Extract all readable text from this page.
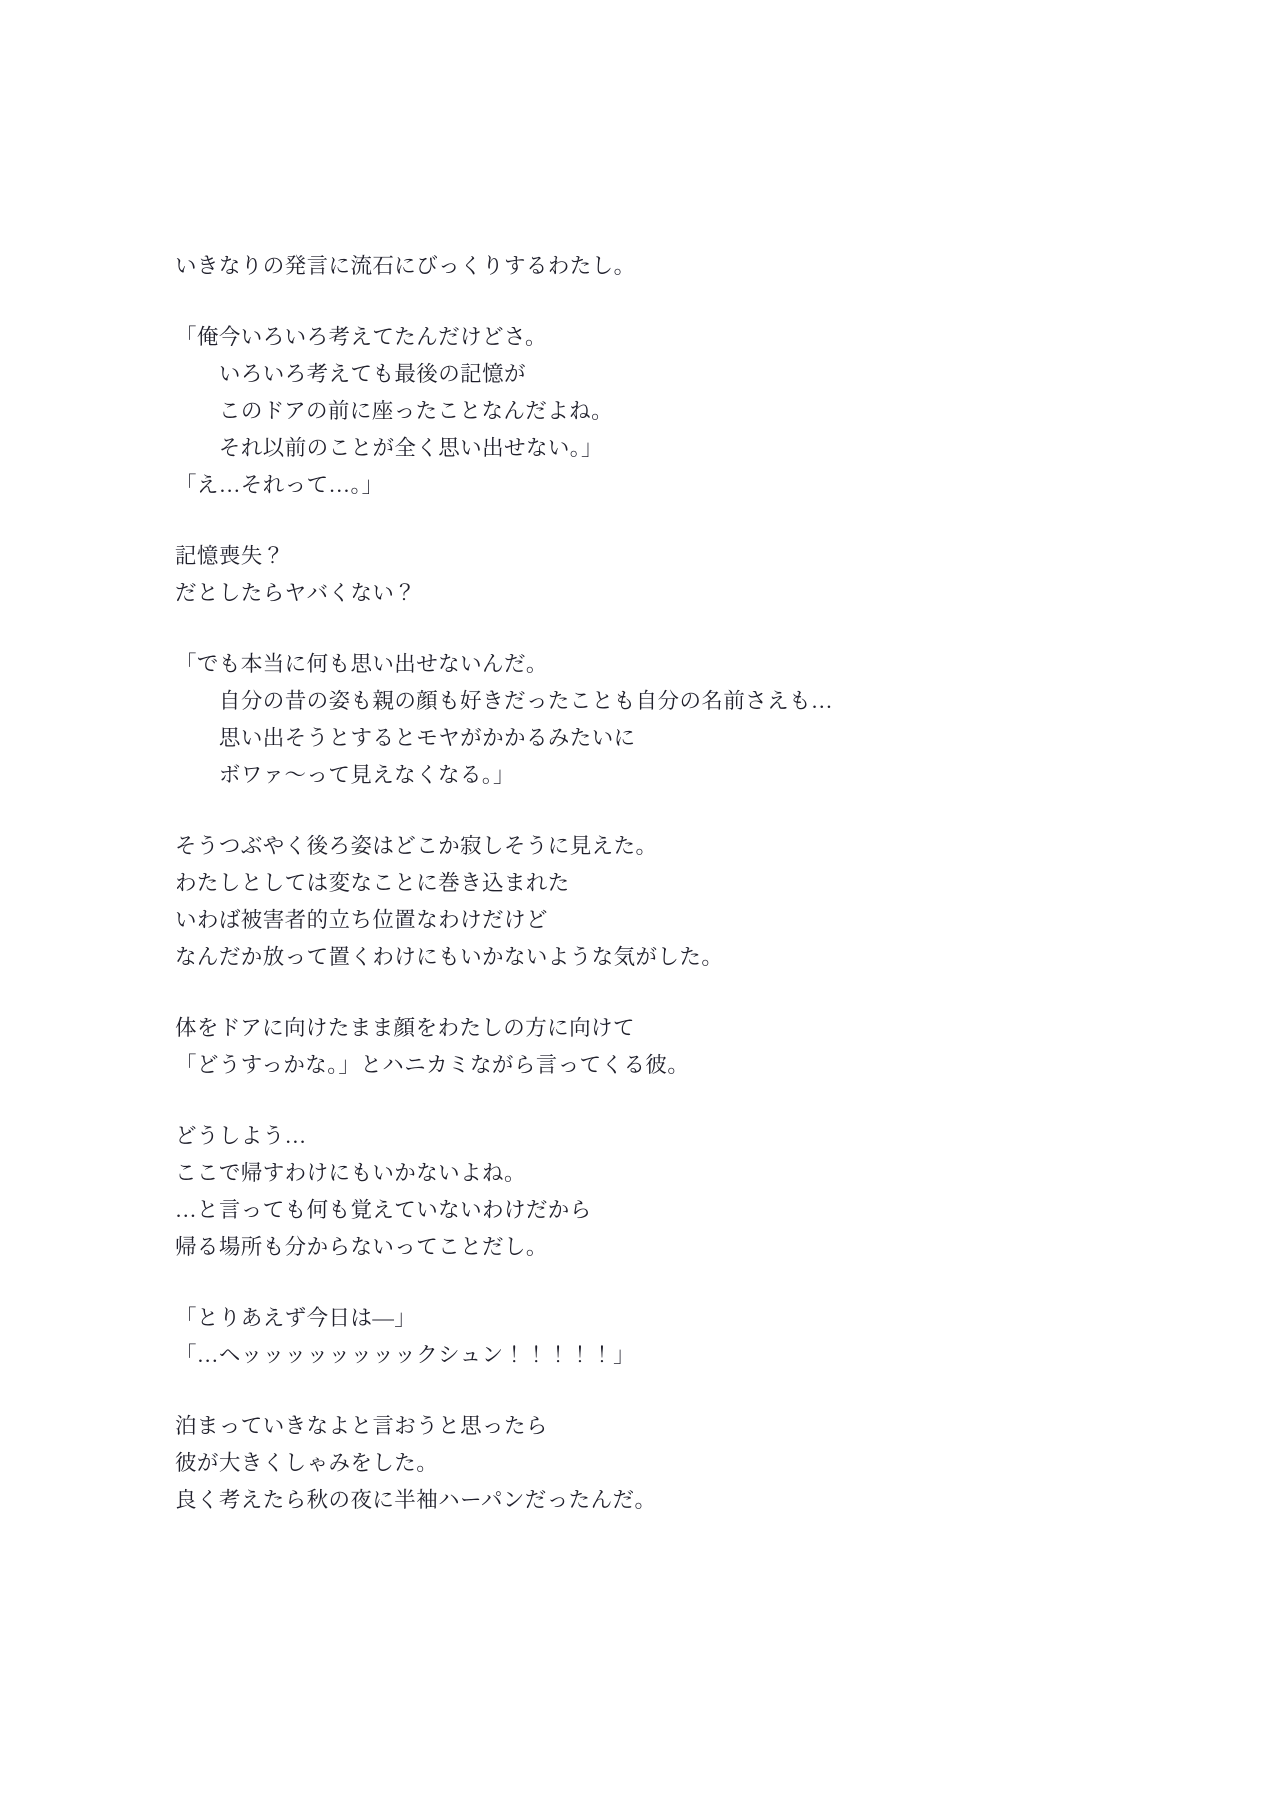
いきなりの発言に流石にびっくりするわたし。

「俺今いろいろ考えてたんだけどさ。
　いろいろ考えても最後の記憶が
　このドアの前に座ったことなんだよね。
　それ以前のことが全く思い出せない。」
「え…それって…。」

記憶喪失？
だとしたらヤバくない？

「でも本当に何も思い出せないんだ。
　自分の昔の姿も親の顔も好きだったことも自分の名前さえも…
　思い出そうとするとモヤがかかるみたいに
　ボワァ〜って見えなくなる。」

そうつぶやく後ろ姿はどこか寂しそうに見えた。
わたしとしては変なことに巻き込まれた
いわば被害者的立ち位置なわけだけど
なんだか放って置くわけにもいかないような気がした。

体をドアに向けたまま顔をわたしの方に向けて
「どうすっかな。」とハニカミながら言ってくる彼。

どうしよう…
ここで帰すわけにもいかないよね。
…と言っても何も覚えていないわけだから
帰る場所も分からないってことだし。

「とりあえず今日は―」
「…ヘッッッッッッッックシュン！！！！！」

泊まっていきなよと言おうと思ったら
彼が大きくしゃみをした。
良く考えたら秋の夜に半袖ハーパンだったんだ。
